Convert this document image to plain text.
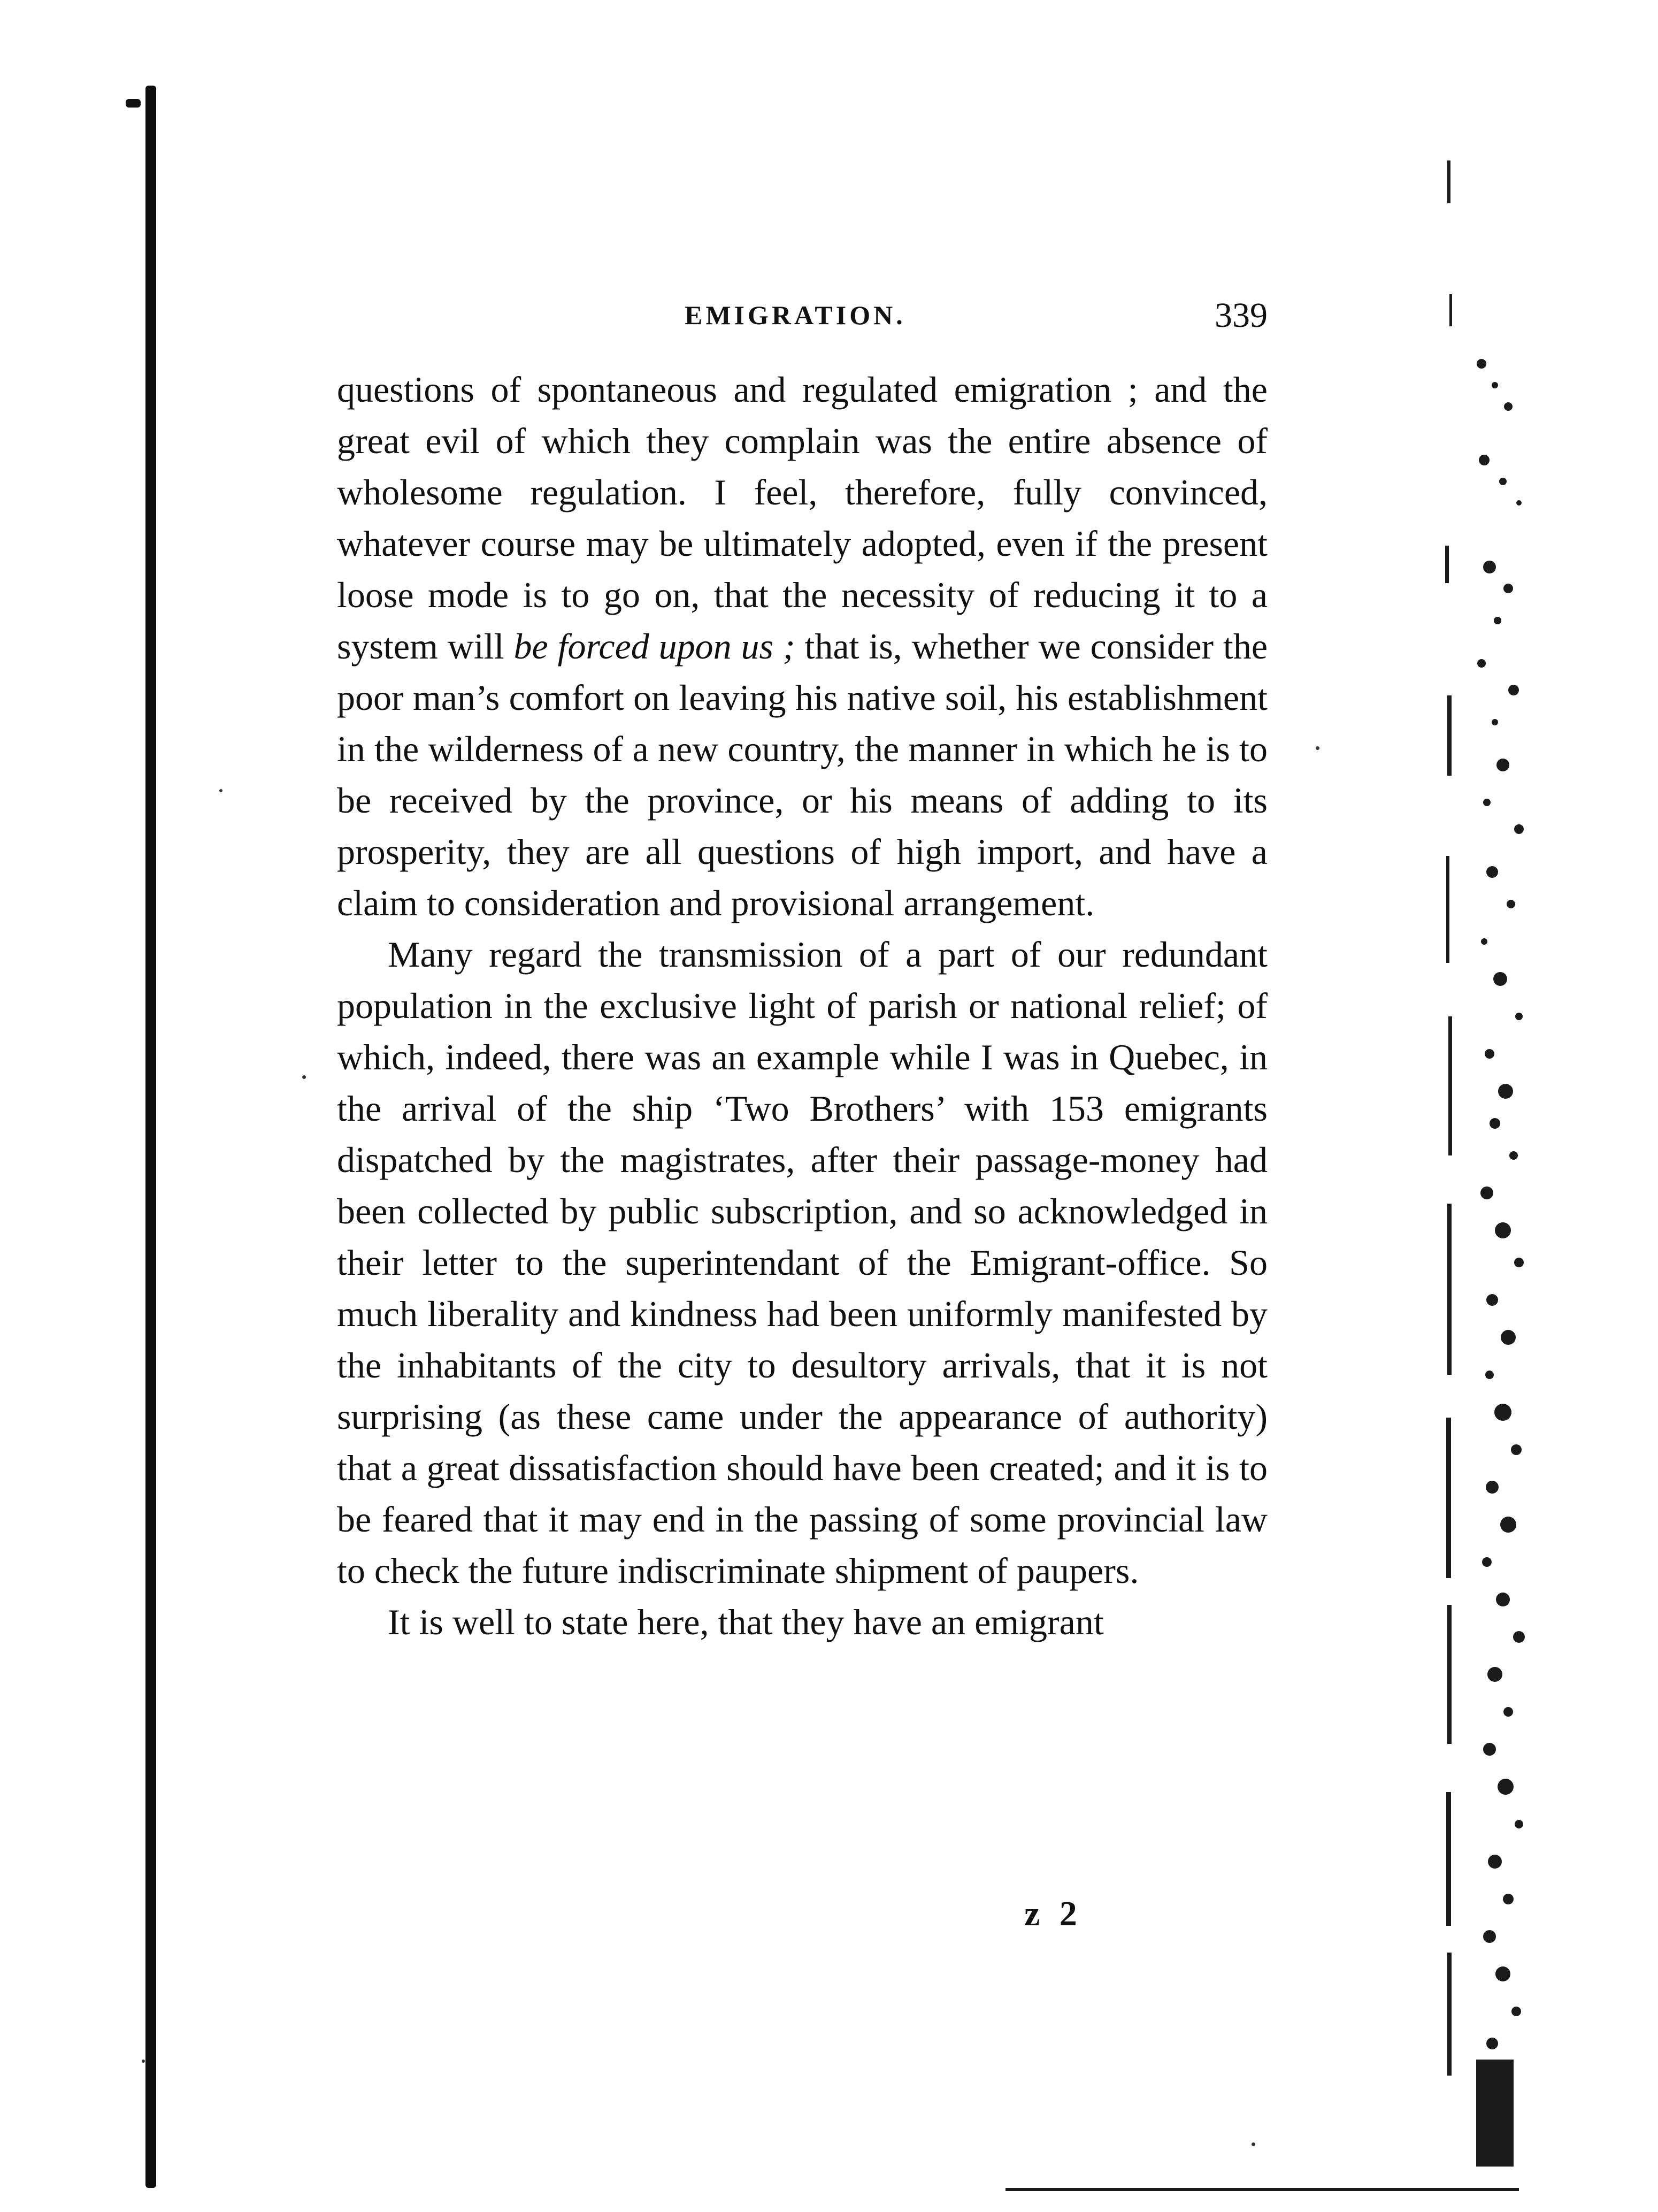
EMIGRATION.	339

questions of spontaneous and regulated emigration ; and the great evil of which they complain was the entire absence of wholesome regulation. I feel, therefore, fully convinced, whatever course may be ultimately adopted, even if the present loose mode is to go on, that the necessity of reducing it to a system will be forced upon us ; that is, whether we consider the poor man’s comfort on leaving his native soil, his establishment in the wilderness of a new country, the manner in which he is to be received by the province, or his means of adding to its prosperity, they are all questions of high import, and have a claim to consideration and provisional arrangement.

Many regard the transmission of a part of our redundant population in the exclusive light of parish or national relief; of which, indeed, there was an example while I was in Quebec, in the arrival of the ship ‘Two Brothers’ with 153 emigrants dispatched by the magistrates, after their passage-money had been collected by public subscription, and so acknowledged in their letter to the superintendant of the Emigrant-office. So much liberality and kindness had been uniformly manifested by the inhabitants of the city to desultory arrivals, that it is not surprising (as these came under the appearance of authority) that a great dissatisfaction should have been created; and it is to be feared that it may end in the passing of some provincial law to check the future indiscriminate shipment of paupers.

It is well to state here, that they have an emigrant

z 2
